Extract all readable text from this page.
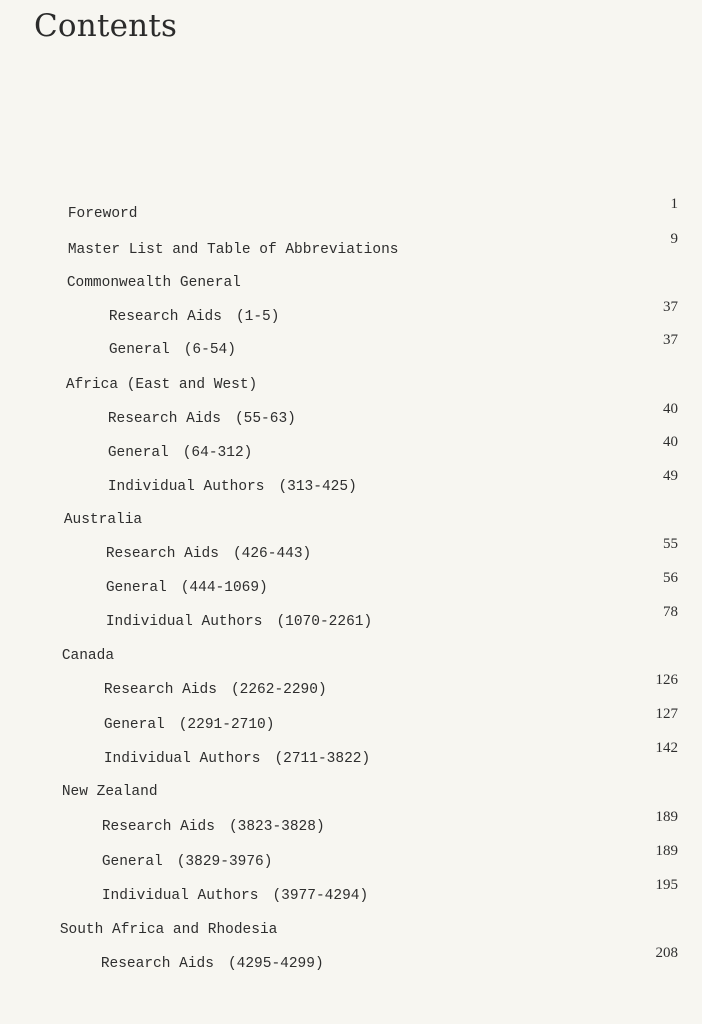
Contents

Foreword

1

Master List and Table of Abbreviations

9

Commonwealth General

Research Aids (1-5)

37

General (6-54)

37

Africa (East and West)

Research Aids (55-63)

40

General (64-312)

40

Individual Authors (313-425)

49

Australia

Research Aids (426-443)

55

General (444-1069)

56

Individual Authors (1070-2261)

78

Canada

Research Aids (2262-2290)

126

General (2291-2710)

127

Individual Authors (2711-3822)

142

New Zealand

Research Aids (3823-3828)

189

General (3829-3976)

189

Individual Authors (3977-4294)

195

South Africa and Rhodesia

Research Aids (4295-4299)

208
